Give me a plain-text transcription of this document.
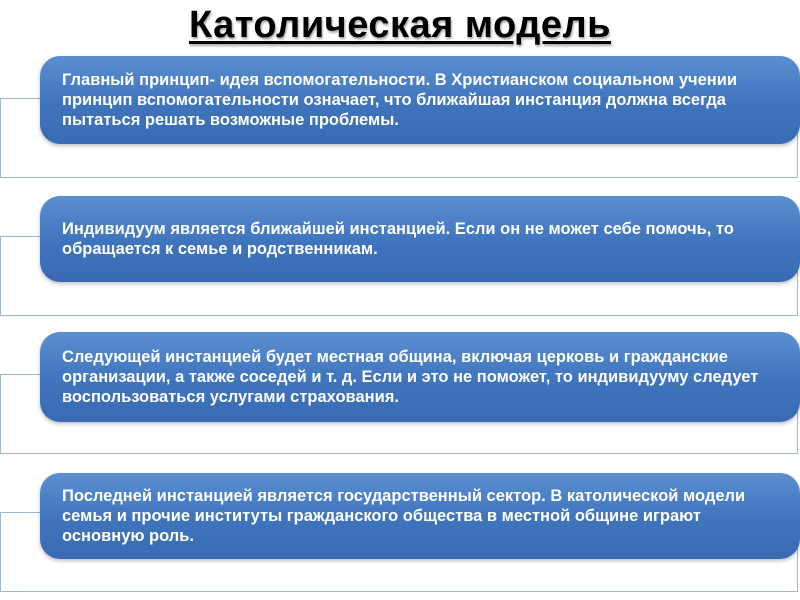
Католическая модель
Главный принцип- идея вспомогательности. В Христианском социальном учении принцип вспомогательности означает, что ближайшая инстанция должна всегда пытаться решать возможные проблемы.
Индивидуум является ближайшей инстанцией. Если он не может себе помочь, то обращается к семье и родственникам.
Следующей инстанцией будет местная община, включая церковь и гражданские организации, а также соседей и т. д. Если и это не поможет, то индивидууму следует воспользоваться услугами страхования.
Последней инстанцией является государственный сектор. В католической модели семья и прочие институты гражданского общества в местной общине играют основную роль.
